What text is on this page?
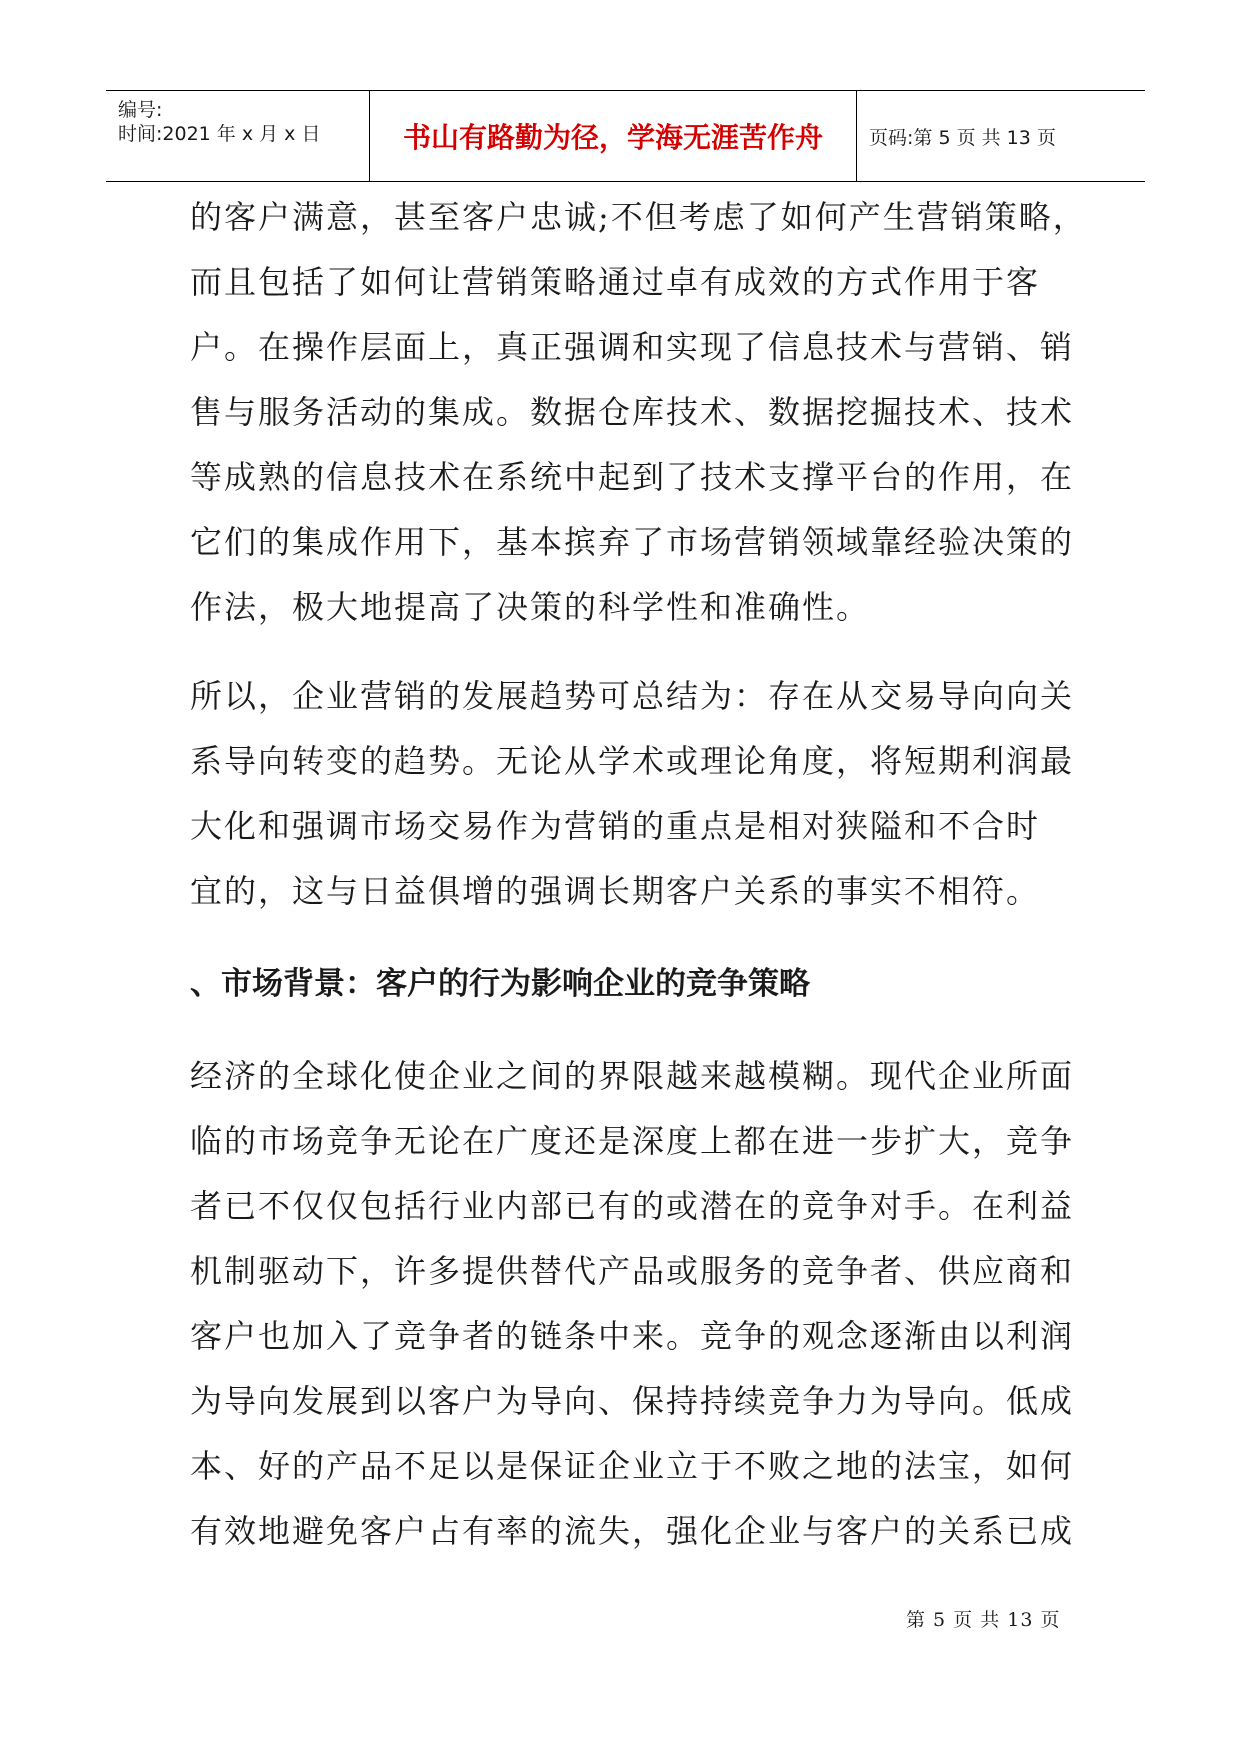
编号:
时间:2021 年 x 月 x 日	书山有路勤为径，学海无涯苦作舟 页码:第 5 页 共 13 页
的客户满意，甚至客户忠诚;不但考虑了如何产生营销策略，
而且包括了如何让营销策略通过卓有成效的方式作用于客
户。在操作层面上，真正强调和实现了信息技术与营销、销
售与服务活动的集成。数据仓库技术、数据挖掘技术、技术
等成熟的信息技术在系统中起到了技术支撑平台的作用，在
它们的集成作用下，基本摈弃了市场营销领域靠经验决策的
作法，极大地提高了决策的科学性和准确性。
所以，企业营销的发展趋势可总结为：存在从交易导向向关
系导向转变的趋势。无论从学术或理论角度，将短期利润最
大化和强调市场交易作为营销的重点是相对狭隘和不合时
宜的，这与日益俱增的强调长期客户关系的事实不相符。
、市场背景：客户的行为影响企业的竞争策略
经济的全球化使企业之间的界限越来越模糊。现代企业所面
临的市场竞争无论在广度还是深度上都在进一步扩大，竞争
者已不仅仅包括行业内部已有的或潜在的竞争对手。在利益
机制驱动下，许多提供替代产品或服务的竞争者、供应商和
客户也加入了竞争者的链条中来。竞争的观念逐渐由以利润
为导向发展到以客户为导向、保持持续竞争力为导向。低成
本、好的产品不足以是保证企业立于不败之地的法宝，如何
有效地避免客户占有率的流失，强化企业与客户的关系已成
第 5 页 共 13 页
